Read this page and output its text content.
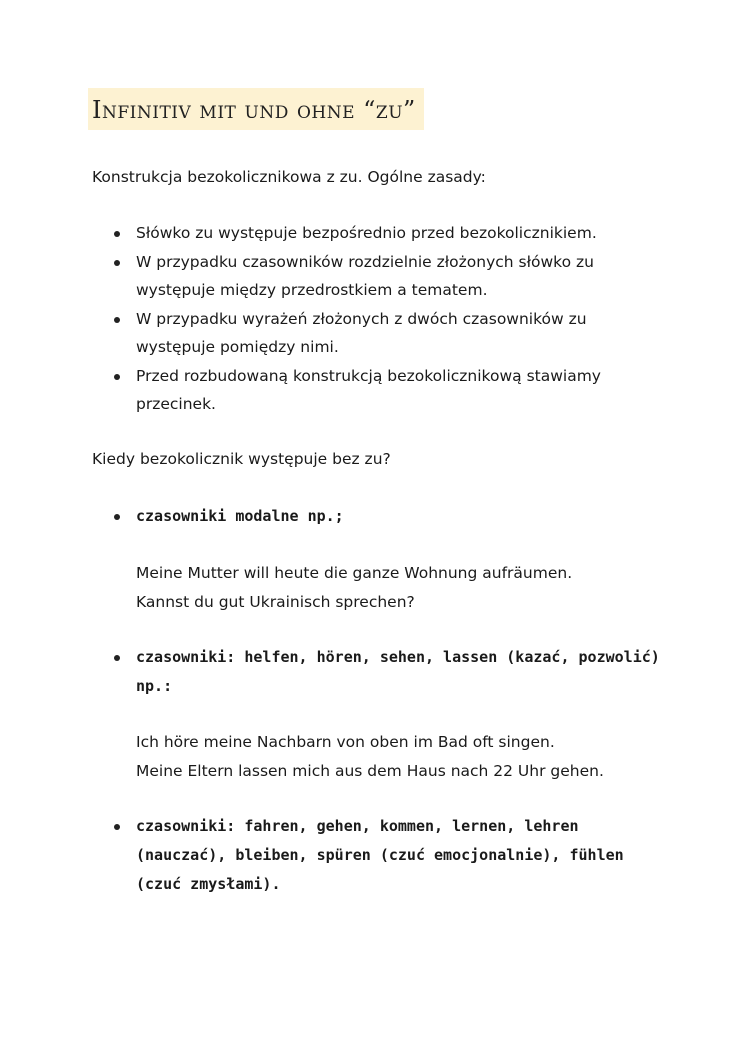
Infinitiv mit und ohne “zu”
Konstrukcja bezokolicznikowa z zu. Ogólne zasady:
Słówko zu występuje bezpośrednio przed bezokolicznikiem.
W przypadku czasowników rozdzielnie złożonych słówko zu występuje między przedrostkiem a tematem.
W przypadku wyrażeń złożonych z dwóch czasowników zu występuje pomiędzy nimi.
Przed rozbudowaną konstrukcją bezokolicznikową stawiamy przecinek.
Kiedy bezokolicznik występuje bez zu?
czasowniki modalne np.;
Meine Mutter will heute die ganze Wohnung aufräumen.
Kannst du gut Ukrainisch sprechen?
czasowniki: helfen, hören, sehen, lassen (kazać, pozwolić) np.:
Ich höre meine Nachbarn von oben im Bad oft singen.
Meine Eltern lassen mich aus dem Haus nach 22 Uhr gehen.
czasowniki: fahren, gehen, kommen, lernen, lehren (nauczać), bleiben, spüren (czuć emocjonalnie), fühlen (czuć zmysłami).
